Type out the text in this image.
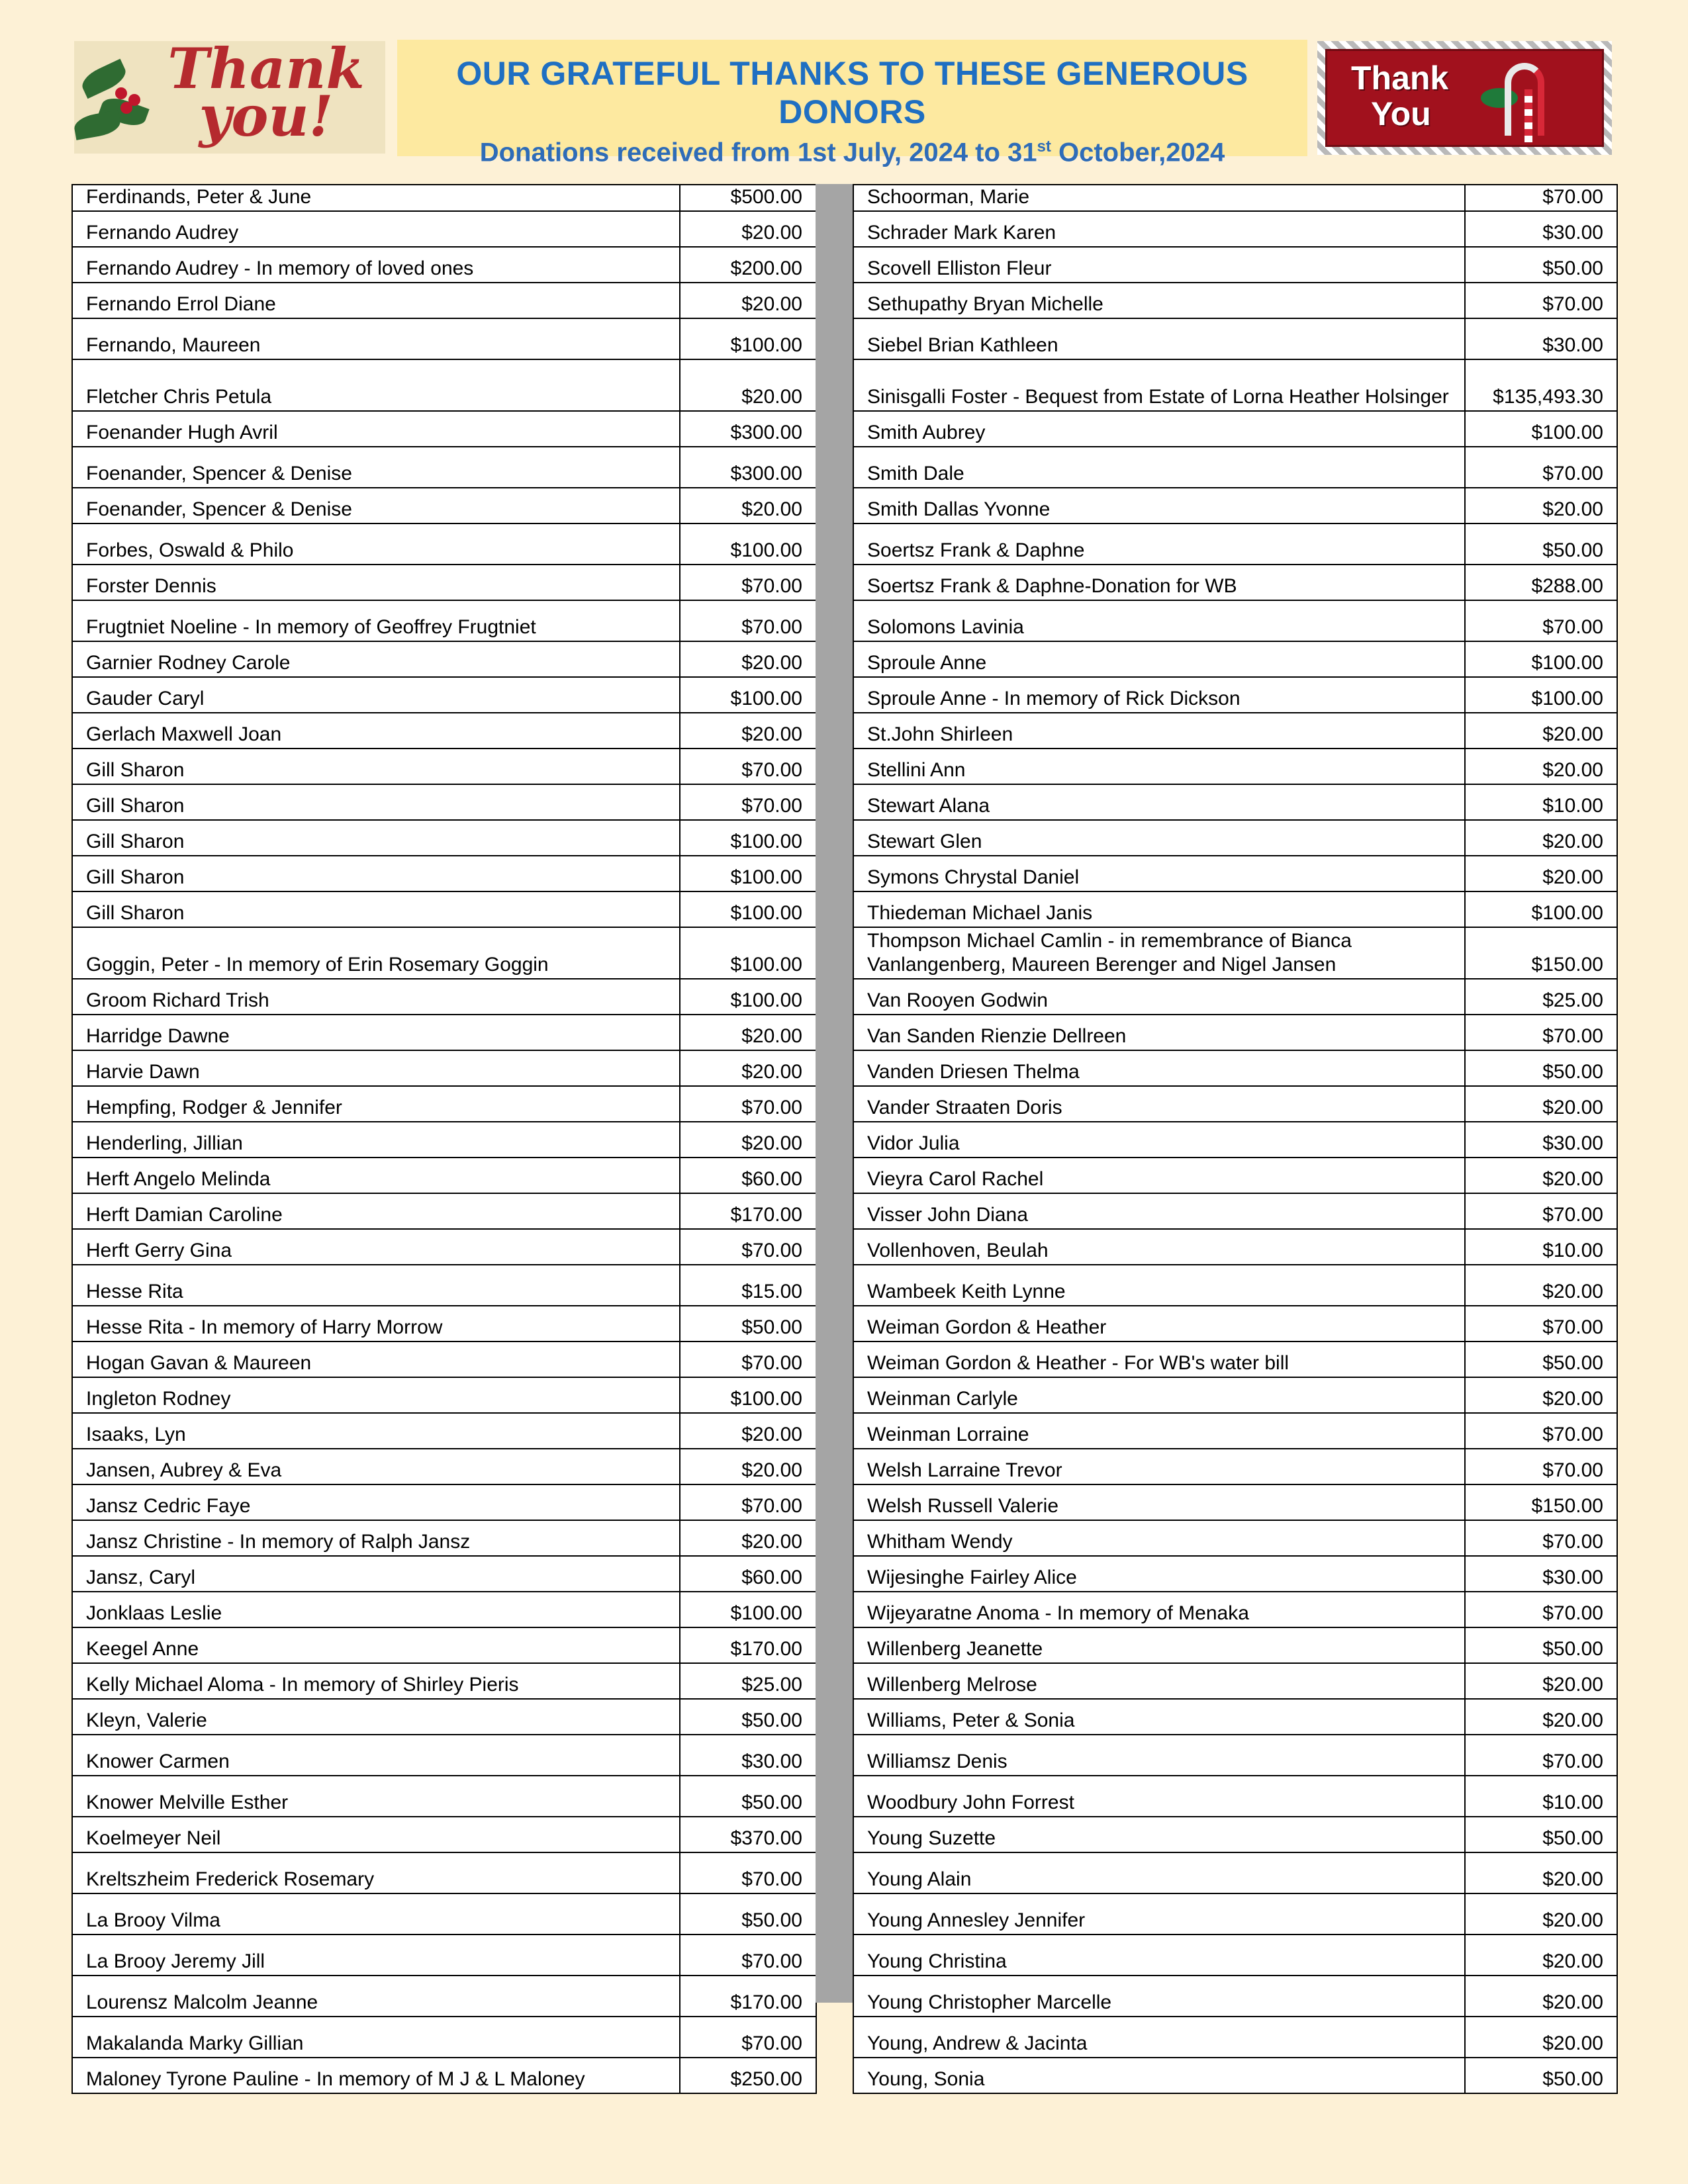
Thank you!
OUR GRATEFUL THANKS TO THESE GENEROUS DONORS
Donations received from 1st July, 2024 to 31st October,2024
Thank
You
Ferdinands, Peter & June	$500.00
Fernando Audrey	$20.00
Fernando Audrey - In memory of loved ones	$200.00
Fernando Errol Diane	$20.00
Fernando, Maureen	$100.00
Fletcher Chris Petula	$20.00
Foenander Hugh Avril	$300.00
Foenander, Spencer & Denise	$300.00
Foenander, Spencer & Denise	$20.00
Forbes, Oswald & Philo	$100.00
Forster Dennis	$70.00
Frugtniet Noeline - In memory of Geoffrey Frugtniet	$70.00
Garnier Rodney Carole	$20.00
Gauder Caryl	$100.00
Gerlach Maxwell Joan	$20.00
Gill Sharon	$70.00
Gill Sharon	$70.00
Gill Sharon	$100.00
Gill Sharon	$100.00
Gill Sharon	$100.00
Goggin, Peter - In memory of Erin Rosemary Goggin	$100.00
Groom Richard Trish	$100.00
Harridge Dawne	$20.00
Harvie Dawn	$20.00
Hempfing, Rodger & Jennifer	$70.00
Henderling, Jillian	$20.00
Herft Angelo Melinda	$60.00
Herft Damian Caroline	$170.00
Herft Gerry Gina	$70.00
Hesse Rita	$15.00
Hesse Rita - In memory of Harry Morrow	$50.00
Hogan Gavan & Maureen	$70.00
Ingleton Rodney	$100.00
Isaaks, Lyn	$20.00
Jansen, Aubrey & Eva	$20.00
Jansz Cedric Faye	$70.00
Jansz Christine - In memory of Ralph Jansz	$20.00
Jansz, Caryl	$60.00
Jonklaas Leslie	$100.00
Keegel Anne	$170.00
Kelly Michael Aloma - In memory of Shirley Pieris	$25.00
Kleyn, Valerie	$50.00
Knower Carmen	$30.00
Knower Melville Esther	$50.00
Koelmeyer Neil	$370.00
Kreltszheim Frederick Rosemary	$70.00
La Brooy Vilma	$50.00
La Brooy Jeremy Jill	$70.00
Lourensz Malcolm Jeanne	$170.00
Makalanda Marky Gillian	$70.00
Maloney Tyrone Pauline - In memory of M J & L Maloney	$250.00
Schoorman, Marie	$70.00
Schrader Mark Karen	$30.00
Scovell Elliston Fleur	$50.00
Sethupathy Bryan Michelle	$70.00
Siebel Brian Kathleen	$30.00
Sinisgalli Foster - Bequest from Estate of Lorna Heather Holsinger	$135,493.30
Smith Aubrey	$100.00
Smith Dale	$70.00
Smith Dallas Yvonne	$20.00
Soertsz Frank & Daphne	$50.00
Soertsz Frank & Daphne-Donation for WB	$288.00
Solomons Lavinia	$70.00
Sproule Anne	$100.00
Sproule Anne - In memory of Rick Dickson	$100.00
St.John Shirleen	$20.00
Stellini Ann	$20.00
Stewart Alana	$10.00
Stewart Glen	$20.00
Symons Chrystal Daniel	$20.00
Thiedeman Michael Janis	$100.00
Thompson Michael Camlin - in remembrance of Bianca Vanlangenberg, Maureen Berenger and Nigel Jansen	$150.00
Van Rooyen Godwin	$25.00
Van Sanden Rienzie Dellreen	$70.00
Vanden Driesen Thelma	$50.00
Vander Straaten Doris	$20.00
Vidor Julia	$30.00
Vieyra Carol Rachel	$20.00
Visser John Diana	$70.00
Vollenhoven, Beulah	$10.00
Wambeek Keith Lynne	$20.00
Weiman Gordon & Heather	$70.00
Weiman Gordon & Heather - For WB's water bill	$50.00
Weinman Carlyle	$20.00
Weinman Lorraine	$70.00
Welsh Larraine Trevor	$70.00
Welsh Russell Valerie	$150.00
Whitham Wendy	$70.00
Wijesinghe Fairley Alice	$30.00
Wijeyaratne Anoma - In memory of Menaka	$70.00
Willenberg Jeanette	$50.00
Willenberg Melrose	$20.00
Williams, Peter & Sonia	$20.00
Williamsz Denis	$70.00
Woodbury John Forrest	$10.00
Young Suzette	$50.00
Young Alain	$20.00
Young Annesley Jennifer	$20.00
Young Christina	$20.00
Young Christopher Marcelle	$20.00
Young, Andrew & Jacinta	$20.00
Young, Sonia	$50.00
